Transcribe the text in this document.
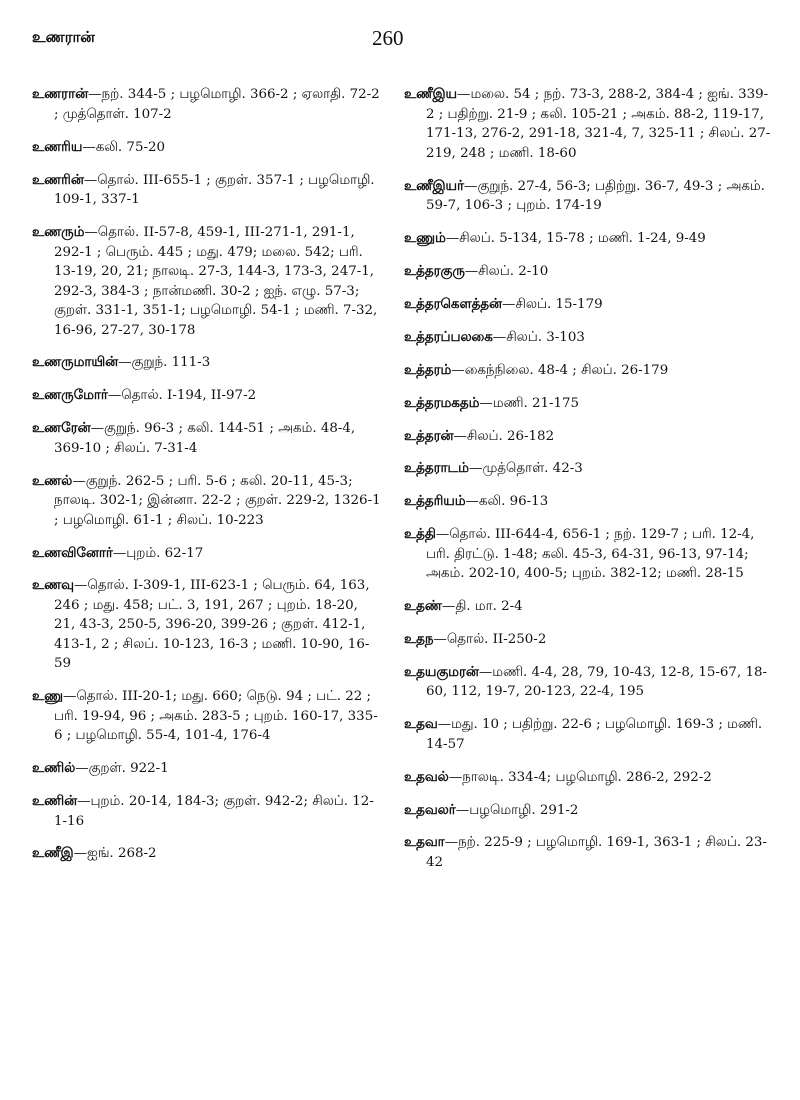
உணரான்	260

உணரான்—நற். 344-5 ; பழமொழி. 366-2 ; ஏலாதி. 72-2 ; முத்தொள். 107-2

உணரிய—கலி. 75-20

உணரின்—தொல். III-655-1 ; குறள். 357-1 ; பழமொழி. 109-1, 337-1

உணரும்—தொல். II-57-8, 459-1, III-271-1, 291-1, 292-1 ; பெரும். 445 ; மது. 479; மலை. 542; பரி. 13-19, 20, 21; நாலடி. 27-3, 144-3, 173-3, 247-1, 292-3, 384-3 ; நான்மணி. 30-2 ; ஐந். எழு. 57-3; குறள். 331-1, 351-1; பழமொழி. 54-1 ; மணி. 7-32, 16-96, 27-27, 30-178

உணருமாயின்—குறுந். 111-3

உணருமோர்—தொல். I-194, II-97-2

உணரேன்—குறுந். 96-3 ; கலி. 144-51 ; அகம். 48-4, 369-10 ; சிலப். 7-31-4

உணல்—குறுந். 262-5 ; பரி. 5-6 ; கலி. 20-11, 45-3; நாலடி. 302-1; இன்னா. 22-2 ; குறள். 229-2, 1326-1 ; பழமொழி. 61-1 ; சிலப். 10-223

உணவினோர்—புறம். 62-17

உணவு—தொல். I-309-1, III-623-1 ; பெரும். 64, 163, 246 ; மது. 458; பட். 3, 191, 267 ; புறம். 18-20, 21, 43-3, 250-5, 396-20, 399-26 ; குறள். 412-1, 413-1, 2 ; சிலப். 10-123, 16-3 ; மணி. 10-90, 16-59

உணு—தொல். III-20-1; மது. 660; நெடு. 94 ; பட். 22 ; பரி. 19-94, 96 ; அகம். 283-5 ; புறம். 160-17, 335-6 ; பழமொழி. 55-4, 101-4, 176-4

உணில்—குறள். 922-1

உணின்—புறம். 20-14, 184-3; குறள். 942-2; சிலப். 12-1-16

உணீஇ—ஐங். 268-2

உணீஇய—மலை. 54 ; நற். 73-3, 288-2, 384-4 ; ஐங். 339-2 ; பதிற்று. 21-9 ; கலி. 105-21 ; அகம். 88-2, 119-17, 171-13, 276-2, 291-18, 321-4, 7, 325-11 ; சிலப். 27-219, 248 ; மணி. 18-60

உணீஇயர்—குறுந். 27-4, 56-3; பதிற்று. 36-7, 49-3 ; அகம். 59-7, 106-3 ; புறம். 174-19

உணும்—சிலப். 5-134, 15-78 ; மணி. 1-24, 9-49

உத்தரகுரு—சிலப். 2-10

உத்தரகௌத்தன்—சிலப். 15-179

உத்தரப்பலகை—சிலப். 3-103

உத்தரம்—கைந்நிலை. 48-4 ; சிலப். 26-179

உத்தரமகதம்—மணி. 21-175

உத்தரன்—சிலப். 26-182

உத்தராடம்—முத்தொள். 42-3

உத்தரியம்—கலி. 96-13

உத்தி—தொல். III-644-4, 656-1 ; நற். 129-7 ; பரி. 12-4, பரி. திரட்டு. 1-48; கலி. 45-3, 64-31, 96-13, 97-14; அகம். 202-10, 400-5; புறம். 382-12; மணி. 28-15

உதண்—தி. மா. 2-4

உதந—தொல். II-250-2

உதயகுமரன்—மணி. 4-4, 28, 79, 10-43, 12-8, 15-67, 18-60, 112, 19-7, 20-123, 22-4, 195

உதவ—மது. 10 ; பதிற்று. 22-6 ; பழமொழி. 169-3 ; மணி. 14-57

உதவல்—நாலடி. 334-4; பழமொழி. 286-2, 292-2

உதவலர்—பழமொழி. 291-2

உதவா—நற். 225-9 ; பழமொழி. 169-1, 363-1 ; சிலப். 23-42
